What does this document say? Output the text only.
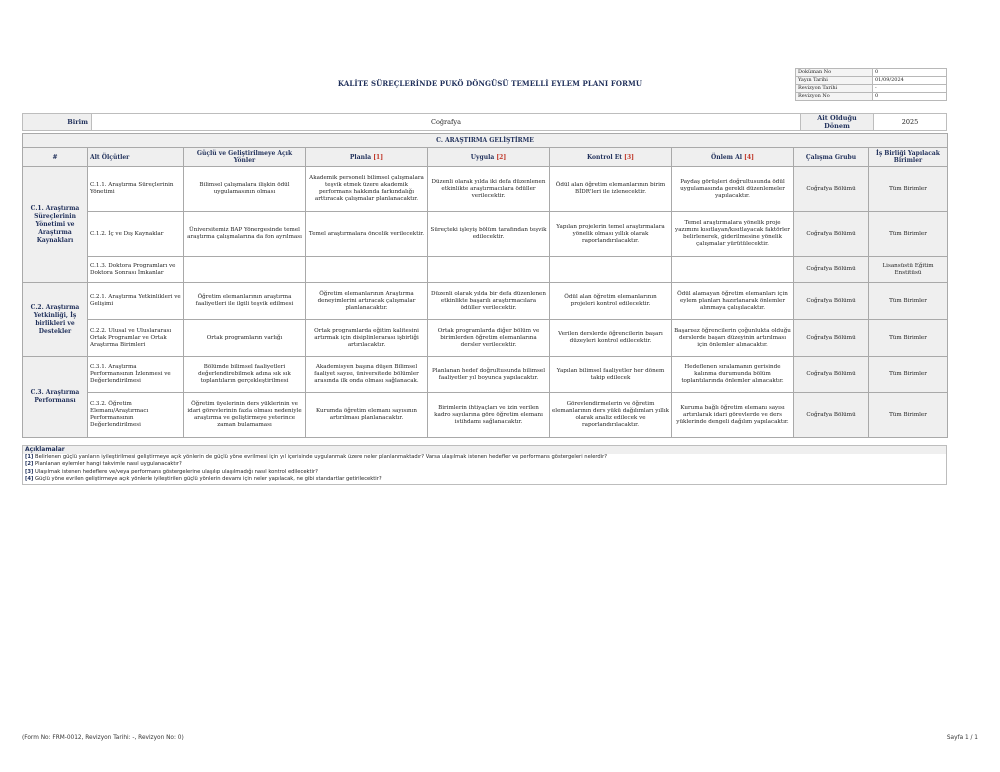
KALİTE SÜREÇLERİNDE PUKÖ DÖNGÜSÜ TEMELLİ EYLEM PLANI FORMU
Doküman No	0
Yayın Tarihi	01/09/2024
Revizyon Tarihi	-
Revizyon No	0
Birim	Coğrafya	Ait Olduğu Dönem	2025
C. ARAŞTIRMA GELİŞTİRME								
#	Alt Ölçütler	Güçlü ve Geliştirilmeye Açık Yönler	Planla [1]	Uygula [2]	Kontrol Et [3]	Önlem Al [4]	Çalışma Grubu	İş Birliği Yapılacak Birimler
C.1. Araştırma Süreçlerinin Yönetimi ve Araştırma Kaynakları	C.1.1. Araştırma Süreçlerinin Yönetimi	Bilimsel çalışmalara ilişkin ödül uygulamasının olması	Akademik personeli bilimsel çalışmalara teşvik etmek üzere akademik performans hakkında farkındalığı arttıracak çalışmalar planlanacaktır.	Düzenli olarak yılda iki defa düzenlenen etkinlikte araştırmacılara ödüller verilecektir.	Ödül alan öğretim elemanlarının birim BİDR'leri ile izlenecektir.	Paydaş görüşleri doğrultusunda ödül uygulamasında gerekli düzenlemeler yapılacaktır.	Coğrafya Bölümü	Tüm Birimler
	C.1.2. İç ve Dış Kaynaklar	Üniversitemiz BAP Yönergesinde temel araştırma çalışmalarına da fon ayrılması	Temel araştırmalara öncelik verilecektir.	Süreçteki işleyiş bölüm tarafından teşvik edilecektir.	Yapılan projelerin temel araştırmalara yönelik olması yıllık olarak raporlandırılacaktır.	Temel araştırmalara yönelik proje yazımını kısıtlayan/kısıtlayacak faktörler belirlenerek, giderilmesine yönelik çalışmalar yürütülecektir.	Coğrafya Bölümü	Tüm Birimler
	C.1.3. Doktora Programları ve Doktora Sonrası İmkanlar						Coğrafya Bölümü	Lisansüstü Eğitim Enstitüsü
C.2. Araştırma Yetkinliği, İş birlikleri ve Destekler	C.2.1. Araştırma Yetkinlikleri ve Gelişimi	Öğretim elemanlarının araştırma faaliyetleri ile ilgili teşvik edilmesi	Öğretim elemanlarının Araştırma deneyimlerini artıracak çalışmalar planlanacaktır.	Düzenli olarak yılda bir defa düzenlenen etkinlikte başarılı araştırmacılara ödüller verilecektir.	Ödül alan öğretim elemanlarının projeleri kontrol edilecektir.	Ödül alamayan öğretim elemanları için eylem planları hazırlanarak önlemler alınmaya çalışılacaktır.	Coğrafya Bölümü	Tüm Birimler
	C.2.2. Ulusal ve Uluslararası Ortak Programlar ve Ortak Araştırma Birimleri	Ortak programların varlığı	Ortak programlarda eğitim kalitesini artırmak için disiplinlerarası işbirliği artırılacaktır.	Ortak programlarda diğer bölüm ve birimlerden öğretim elemanlarına dersler verilecektir.	Verilen derslerde öğrencilerin başarı düzeyleri kontrol edilecektir.	Başarısız öğrencilerin çoğunlukta olduğu derslerde başarı düzeyinin artırılması için önlemler alınacaktır.	Coğrafya Bölümü	Tüm Birimler
C.3. Araştırma Performansı	C.3.1. Araştırma Performansının İzlenmesi ve Değerlendirilmesi	Bölümde bilimsel faaliyetleri değerlendirebilmek adına sık sık toplantıların gerçekleştirilmesi	Akademisyen başına düşen Bilimsel faaliyet sayısı, üniversitede bölümler arasında ilk onda olması sağlanacak.	Planlanan hedef doğrultusunda bilimsel faaliyetler yıl boyunca yapılacaktır.	Yapılan bilimsel faaliyetler her dönem takip edilecek	Hedeflenen sıralamanın gerisinde kalınma durumunda bölüm toplantılarında önlemler alınacaktır.	Coğrafya Bölümü	Tüm Birimler
	C.3.2. Öğretim Elemanı/Araştırmacı Performansının Değerlendirilmesi	Öğretim üyelerinin ders yüklerinin ve idari görevlerinin fazla olması nedeniyle araştırma ve geliştirmeye yeterince zaman bulamaması	Kurumda öğretim elemanı sayısının artırılması planlanacaktır.	Birimlerin ihtiyaçları ve izin verilen kadro sayılarına göre öğretim elemanı istihdamı sağlanacaktır.	Görevlendirmelerin ve öğretim elemanlarının ders yükü dağılımları yıllık olarak analiz edilecek ve raporlandırılacaktır.	Kuruma bağlı öğretim elemanı sayısı artırılarak idari görevlerde ve ders yüklerinde dengeli dağılım yapılacaktır.	Coğrafya Bölümü	Tüm Birimler
Açıklamalar
[1] Belirlenen güçlü yanların iyileştirilmesi geliştirmeye açık yönlerin de güçlü yöne evrilmesi için yıl içerisinde uygulanmak üzere neler planlanmaktadır? Varsa ulaşılmak istenen hedefler ve performans göstergeleri nelerdir?
[2] Planlanan eylemler hangi takvimle nasıl uygulanacaktır?
[3] Ulaşılmak istenen hedeflere ve/veya performans göstergelerine ulaşılıp ulaşılmadığı nasıl kontrol edilecektir?
[4] Güçlü yöne evrilen geliştirmeye açık yönlerle iyileştirilen güçlü yönlerin devamı için neler yapılacak, ne gibi standartlar getirilecektir?
(Form No: FRM-0012, Revizyon Tarihi: -, Revizyon No: 0)	Sayfa 1 / 1
